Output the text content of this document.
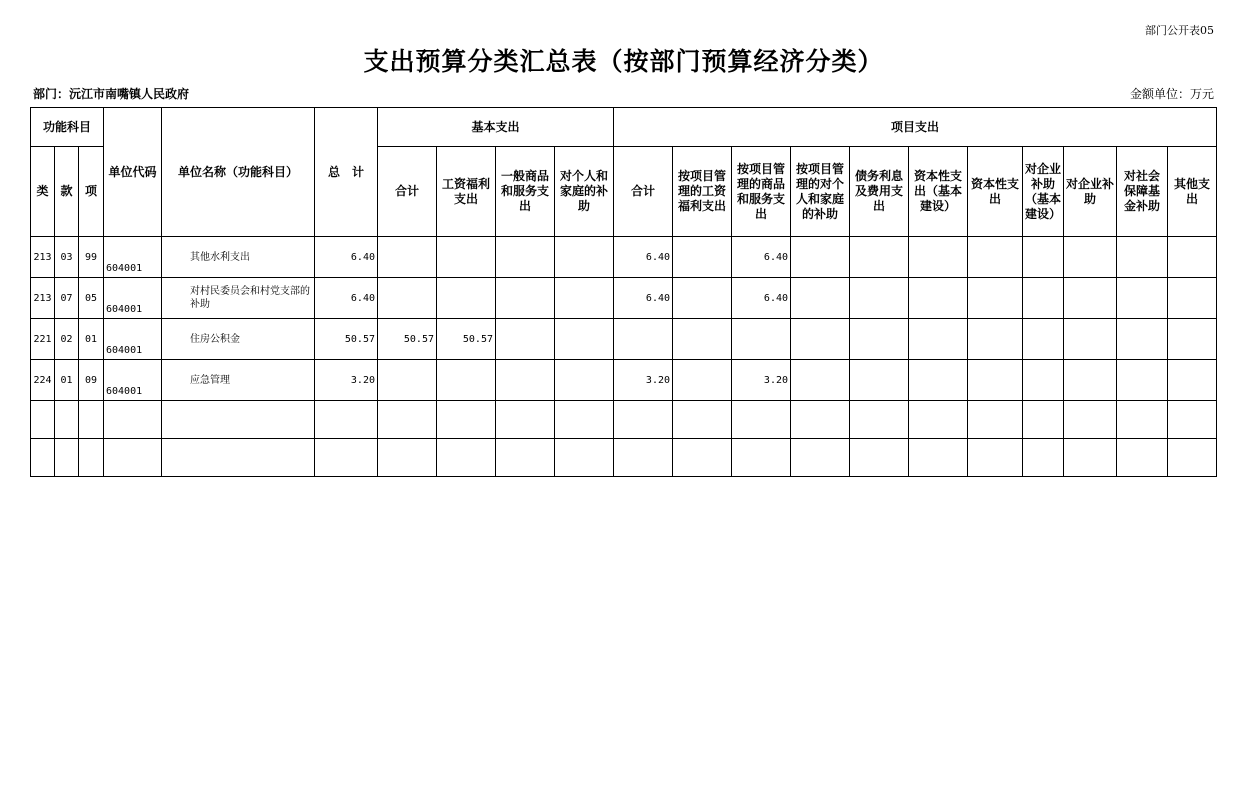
部门公开表05
支出预算分类汇总表（按部门预算经济分类）
部门：沅江市南嘴镇人民政府	金额单位：万元
功能科目			单位代码	单位名称（功能科目）	总　计	基本支出				项目支出										
类	款	项				合计	工资福利支出	一般商品和服务支出	对个人和家庭的补助	合计	按项目管理的工资福利支出	按项目管理的商品和服务支出	按项目管理的对个人和家庭的补助	债务利息及费用支出	资本性支出（基本建设）	资本性支出	对企业补助（基本建设）	对企业补助	对社会保障基金补助	其他支出
213	03	99	604001	其他水利支出	6.40					6.40		6.40								
213	07	05	604001	对村民委员会和村党支部的补助	6.40					6.40		6.40								
221	02	01	604001	住房公积金	50.57	50.57	50.57													
224	01	09	604001	应急管理	3.20					3.20		3.20								
